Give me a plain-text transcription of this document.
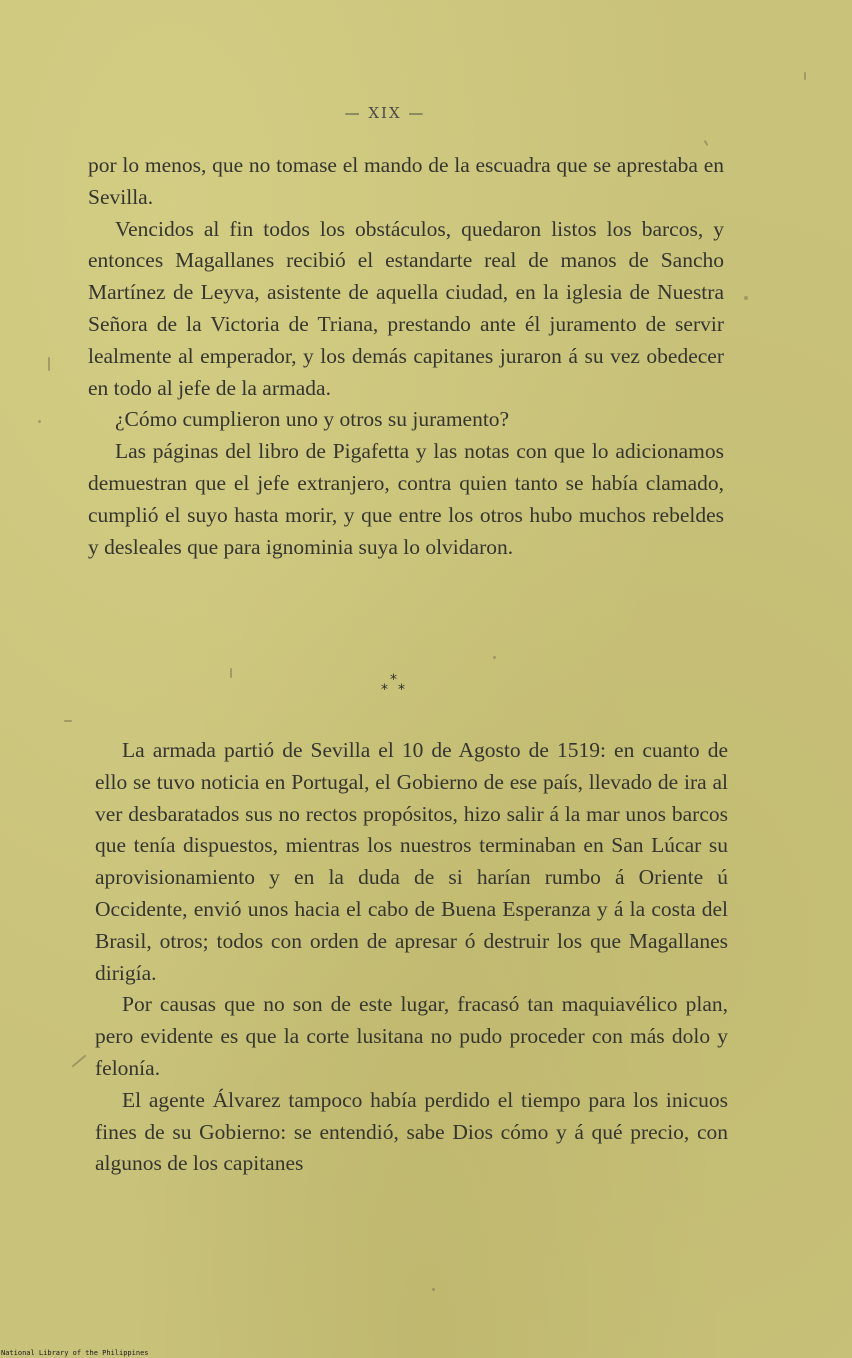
— XIX —

por lo menos, que no tomase el mando de la escuadra que se aprestaba en Sevilla.

Vencidos al fin todos los obstáculos, quedaron listos los barcos, y entonces Magallanes recibió el estandarte real de manos de Sancho Martínez de Leyva, asistente de aquella ciudad, en la iglesia de Nuestra Señora de la Victoria de Triana, prestando ante él juramento de servir lealmente al emperador, y los demás capitanes juraron á su vez obedecer en todo al jefe de la armada.

¿Cómo cumplieron uno y otros su juramento?

Las páginas del libro de Pigafetta y las notas con que lo adicionamos demuestran que el jefe extranjero, contra quien tanto se había clamado, cumplió el suyo hasta morir, y que entre los otros hubo muchos rebeldes y desleales que para ignominia suya lo olvidaron.

*
* *

La armada partió de Sevilla el 10 de Agosto de 1519: en cuanto de ello se tuvo noticia en Portugal, el Gobierno de ese país, llevado de ira al ver desbaratados sus no rectos propósitos, hizo salir á la mar unos barcos que tenía dispuestos, mientras los nuestros terminaban en San Lúcar su aprovisionamiento y en la duda de si harían rumbo á Oriente ú Occidente, envió unos hacia el cabo de Buena Esperanza y á la costa del Brasil, otros; todos con orden de apresar ó destruir los que Magallanes dirigía.

Por causas que no son de este lugar, fracasó tan maquiavélico plan, pero evidente es que la corte lusitana no pudo proceder con más dolo y felonía.

El agente Álvarez tampoco había perdido el tiempo para los inicuos fines de su Gobierno: se entendió, sabe Dios cómo y á qué precio, con algunos de los capitanes

National Library of the Philippines
